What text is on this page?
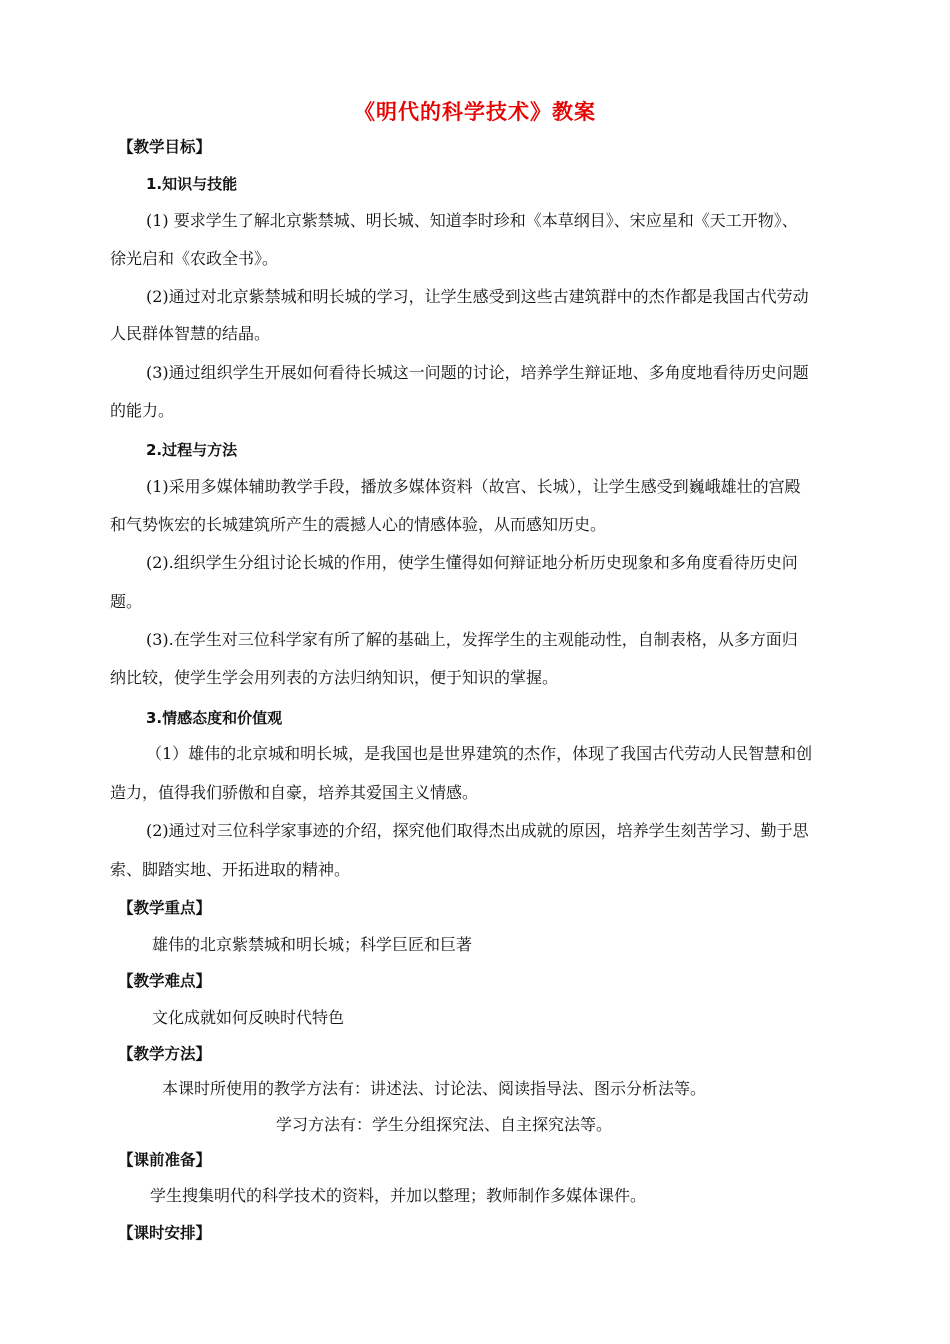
《明代的科学技术》教案
【教学目标】
1.知识与技能
(1) 要求学生了解北京紫禁城、明长城、知道李时珍和《本草纲目》、宋应星和《天工开物》、
徐光启和《农政全书》。
(2)通过对北京紫禁城和明长城的学习，让学生感受到这些古建筑群中的杰作都是我国古代劳动
人民群体智慧的结晶。
(3)通过组织学生开展如何看待长城这一问题的讨论，培养学生辩证地、多角度地看待历史问题
的能力。
2.过程与方法
(1)采用多媒体辅助教学手段，播放多媒体资料（故宫、长城），让学生感受到巍峨雄壮的宫殿
和气势恢宏的长城建筑所产生的震撼人心的情感体验，从而感知历史。
(2).组织学生分组讨论长城的作用，使学生懂得如何辩证地分析历史现象和多角度看待历史问
题。
(3).在学生对三位科学家有所了解的基础上，发挥学生的主观能动性，自制表格，从多方面归
纳比较，使学生学会用列表的方法归纳知识，便于知识的掌握。
3.情感态度和价值观
（1）雄伟的北京城和明长城，是我国也是世界建筑的杰作，体现了我国古代劳动人民智慧和创
造力，值得我们骄傲和自豪，培养其爱国主义情感。
(2)通过对三位科学家事迹的介绍，探究他们取得杰出成就的原因，培养学生刻苦学习、勤于思
索、脚踏实地、开拓进取的精神。
【教学重点】
雄伟的北京紫禁城和明长城；科学巨匠和巨著
【教学难点】
文化成就如何反映时代特色
【教学方法】
本课时所使用的教学方法有：讲述法、讨论法、阅读指导法、图示分析法等。
学习方法有：学生分组探究法、自主探究法等。
【课前准备】
学生搜集明代的科学技术的资料，并加以整理；教师制作多媒体课件。
【课时安排】
